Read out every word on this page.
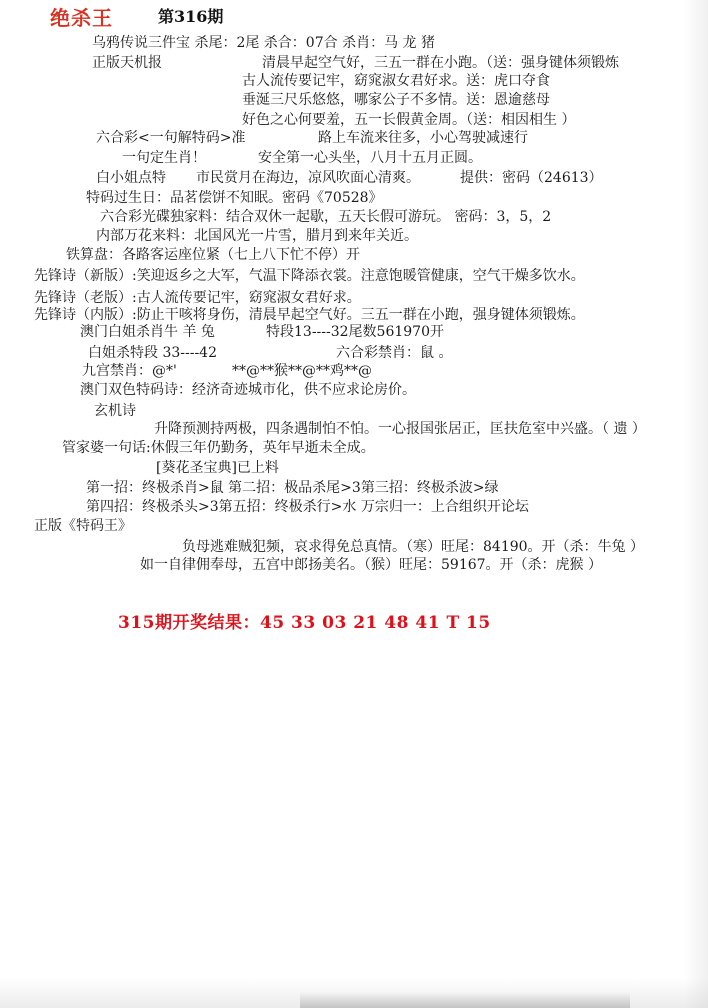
绝杀王	第316期
乌鸦传说三件宝 杀尾：2尾 杀合：07合 杀肖：马 龙 猪
正版天机报	清晨早起空气好，三五一群在小跑。（送：强身键体须锻炼
古人流传要记牢，窈窕淑女君好求。送：虎口夺食
垂涎三尺乐悠悠，哪家公子不多情。送：恩逾慈母
好色之心何要羞，五一长假黄金周。（送：相因相生 ）
六合彩<一句解特码>准	路上车流来往多，小心驾驶减速行
一句定生肖！	安全第一心头坐，八月十五月正圆。
白小姐点特 市民赏月在海边，凉风吹面心清爽。	提供：密码（24613）
特码过生日：品茗偿饼不知眠。密码《70528》
六合彩光碟独家料：结合双休一起歇，五天长假可游玩。 密码：3，5，2
内部万花来料：北国风光一片雪，腊月到来年关近。
铁算盘：各路客运座位紧（七上八下忙不停）开
先锋诗（新版）:笑迎返乡之大军，气温下降添衣裳。注意饱暖管健康，空气干燥多饮水。
先锋诗（老版）:古人流传要记牢，窈窕淑女君好求。
先锋诗（内版）:防止干咳将身伤，清晨早起空气好。三五一群在小跑，强身键体须锻炼。
澳门白姐杀肖牛 羊 兔	特段13----32尾数561970开
白姐杀特段 33----42	六合彩禁肖：鼠 。
九宫禁肖：@*'	**@**猴**@**鸡**@
澳门双色特码诗：经济奇迹城市化，供不应求论房价。
玄机诗
升降预测持两极，四条遇制怕不怕。一心报国张居正，匡扶危室中兴盛。（ 遗 ）
管家婆一句话:休假三年仍勤务，英年早逝未全成。
[葵花圣宝典]已上料
第一招：终极杀肖>鼠 第二招：极品杀尾>3第三招：终极杀波>绿
第四招：终极杀头>3第五招：终极杀行>水 万宗归一：上合组织开论坛
正版《特码王》
负母逃难贼犯频，哀求得免总真情。（寒）旺尾：84190。开（杀：牛兔 ）
如一自律佣奉母，五宫中郎扬美名。（猴）旺尾：59167。开（杀：虎猴 ）
315期开奖结果：45 33 03 21 48 41 T 15
